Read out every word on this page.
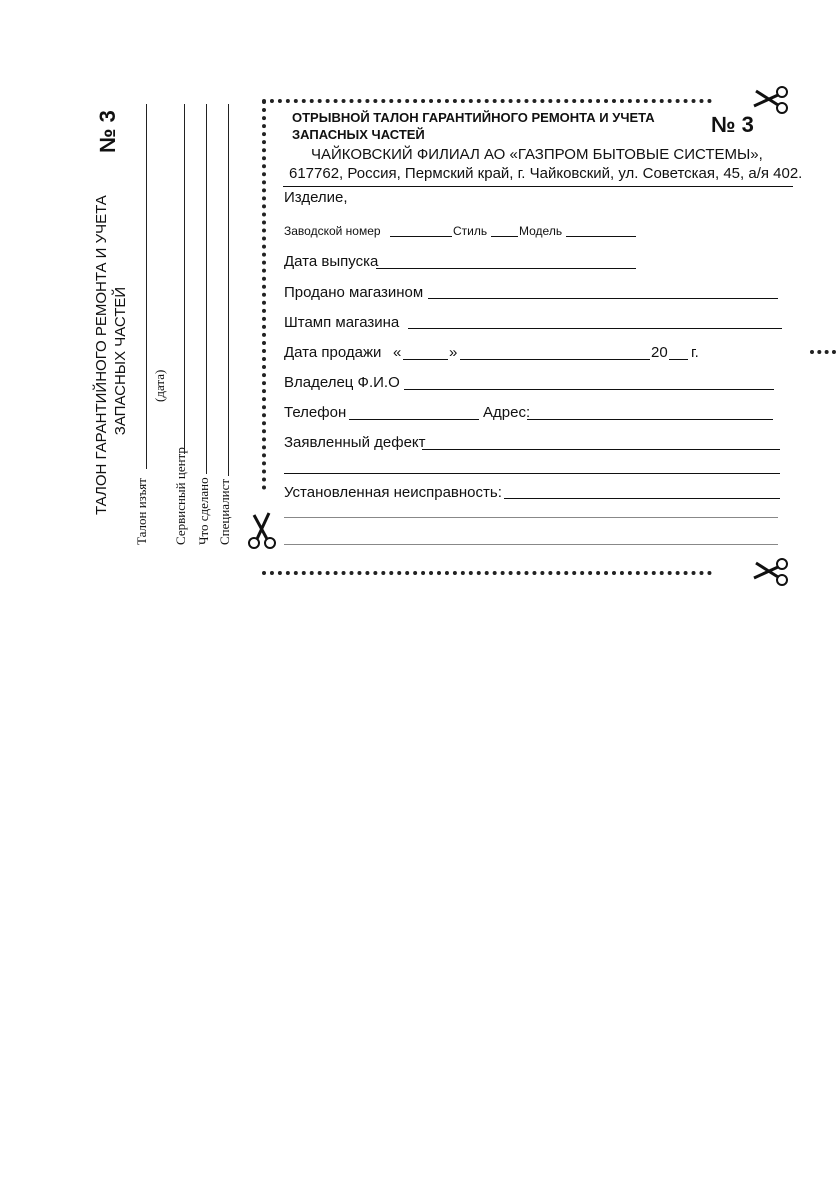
№ 3
ТАЛОН ГАРАНТИЙНОГО РЕМОНТА И УЧЕТА ЗАПАСНЫХ ЧАСТЕЙ
Талон изъят
(дата)
Сервисный центр Что сделано Специалист
ОТРЫВНОЙ ТАЛОН ГАРАНТИЙНОГО РЕМОНТА И УЧЕТА
ЗАПАСНЫХ ЧАСТЕЙ	№ 3
ЧАЙКОВСКИЙ ФИЛИАЛ АО «ГАЗПРОМ БЫТОВЫЕ СИСТЕМЫ»,
617762, Россия, Пермский край, г. Чайковский, ул. Советская, 45, а/я 402.
Изделие,
Заводской номер	Стиль	Модель
Дата выпуска
Продано магазином
Штамп магазина
Дата продажи «	»	20 г.
Владелец Ф.И.О
Телефон	Адрес:
Заявленный дефект
Установленная неисправность:
